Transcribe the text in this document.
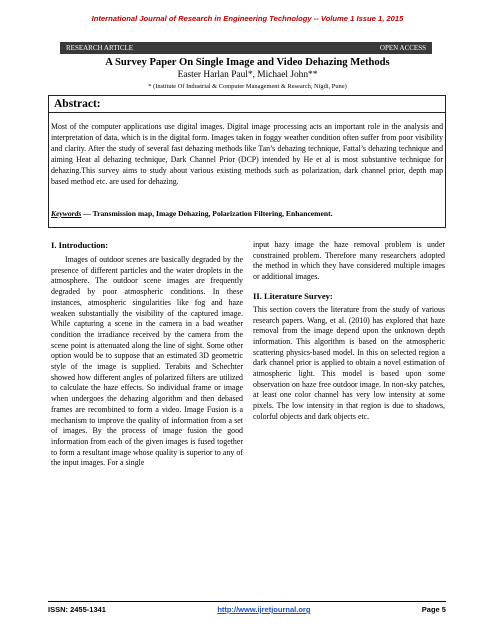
International Journal of Research in Engineering Technology -- Volume 1 Issue 1, 2015
RESEARCH ARTICLE	OPEN ACCESS
A Survey Paper On Single Image and Video Dehazing Methods
Easter Harlan Paul*, Michael John**
* (Institute Of Industrial & Computer Management & Research, Nigdi, Pune)
Abstract:
Most of the computer applications use digital images. Digital image processing acts an important role in the analysis and interpretation of data, which is in the digital form. Images taken in foggy weather condition often suffer from poor visibility and clarity. After the study of several fast dehazing methods like Tan’s dehazing technique, Fattal’s dehazing technique and aiming Heat al dehazing technique, Dark Channel Prior (DCP) intended by He et al is most substantive technique for dehazing.This survey aims to study about various existing methods such as polarization, dark channel prior, depth map based method etc. are used for dehazing.
Keywords — Transmission map, Image Dehazing, Polarization Filtering, Enhancement.
I. Introduction:

Images of outdoor scenes are basically degraded by the presence of different particles and the water droplets in the atmosphere. The outdoor scene images are frequently degraded by poor atmospheric conditions. In these instances, atmospheric singularities like fog and haze weaken substantially the visibility of the captured image. While capturing a scene in the camera in a bad weather condition the irradiance received by the camera from the scene point is attenuated along the line of sight. Some other option would be to suppose that an estimated 3D geometric style of the image is supplied. Terabits and Schechter showed how different angles of polarized filters are utilized to calculate the haze effects. So individual frame or image when undergoes the dehazing algorithm and then debased frames are recombined to form a video. Image Fusion is a mechanism to improve the quality of information from a set of images. By the process of image fusion the good information from each of the given images is fused together to form a resultant image whose quality is superior to any of the input images. For a single

input hazy image the haze removal problem is under constrained problem. Therefore many researchers adopted the method in which they have considered multiple images or additional images.

II. Literature Survey:

This section covers the literature from the study of various research papers. Wang, et al. (2010) has explored that haze removal from the image depend upon the unknown depth information. This algorithm is based on the atmospheric scattering physics-based model. In this on selected region a dark channel prior is applied to obtain a novel estimation of atmospheric light. This model is based upon some observation on haze free outdoor image. In non-sky patches, at least one color channel has very low intensity at some pixels. The low intensity in that region is due to shadows, colorful objects and dark objects etc.

ISSN: 2455-1341	http://www.ijretjournal.org	Page 5
